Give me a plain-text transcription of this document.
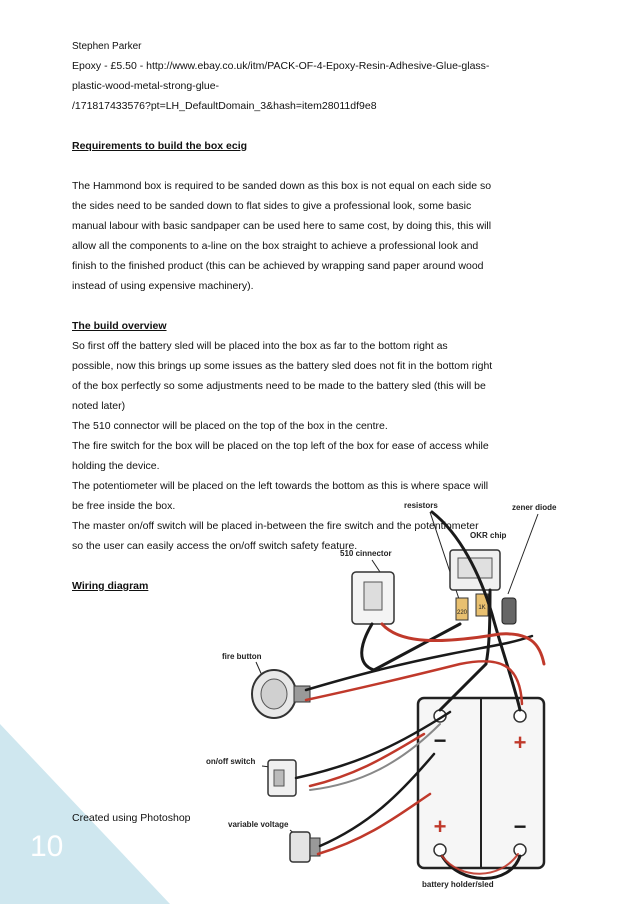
10
Stephen Parker
Epoxy - £5.50 - http://www.ebay.co.uk/itm/PACK-OF-4-Epoxy-Resin-Adhesive-Glue-glass-
plastic-wood-metal-strong-glue-
/171817433576?pt=LH_DefaultDomain_3&hash=item28011df9e8
Requirements to build the box ecig
The Hammond box is required to be sanded down as this box is not equal on each side so
the sides need to be sanded down to flat sides to give a professional look, some basic
manual labour with basic sandpaper can be used here to same cost, by doing this, this will
allow all the components to a-line on the box straight to achieve a professional look and
finish to the finished product (this can be achieved by wrapping sand paper around wood
instead of using expensive machinery).
The build overview
So first off the battery sled will be placed into the box as far to the bottom right as
possible, now this brings up some issues as the battery sled does not fit in the bottom right
of the box perfectly so some adjustments need to be made to the battery sled (this will be
noted later)
The 510 connector will be placed on the top of the box in the centre.
The fire switch for the box will be placed on the top left of the box for ease of access while
holding the device.
The potentiometer will be placed on the left towards the bottom as this is where space will
be free inside the box.
The master on/off switch will be placed in-between the fire switch and the potentiometer
so the user can easily access the on/off switch safety feature.
Wiring diagram
Created using Photoshop
resistors	zener diode
OKR chip
510 cinnector
fire button
on/off switch
variable voltage
battery holder/sled
220
1K
−	+
+	−
